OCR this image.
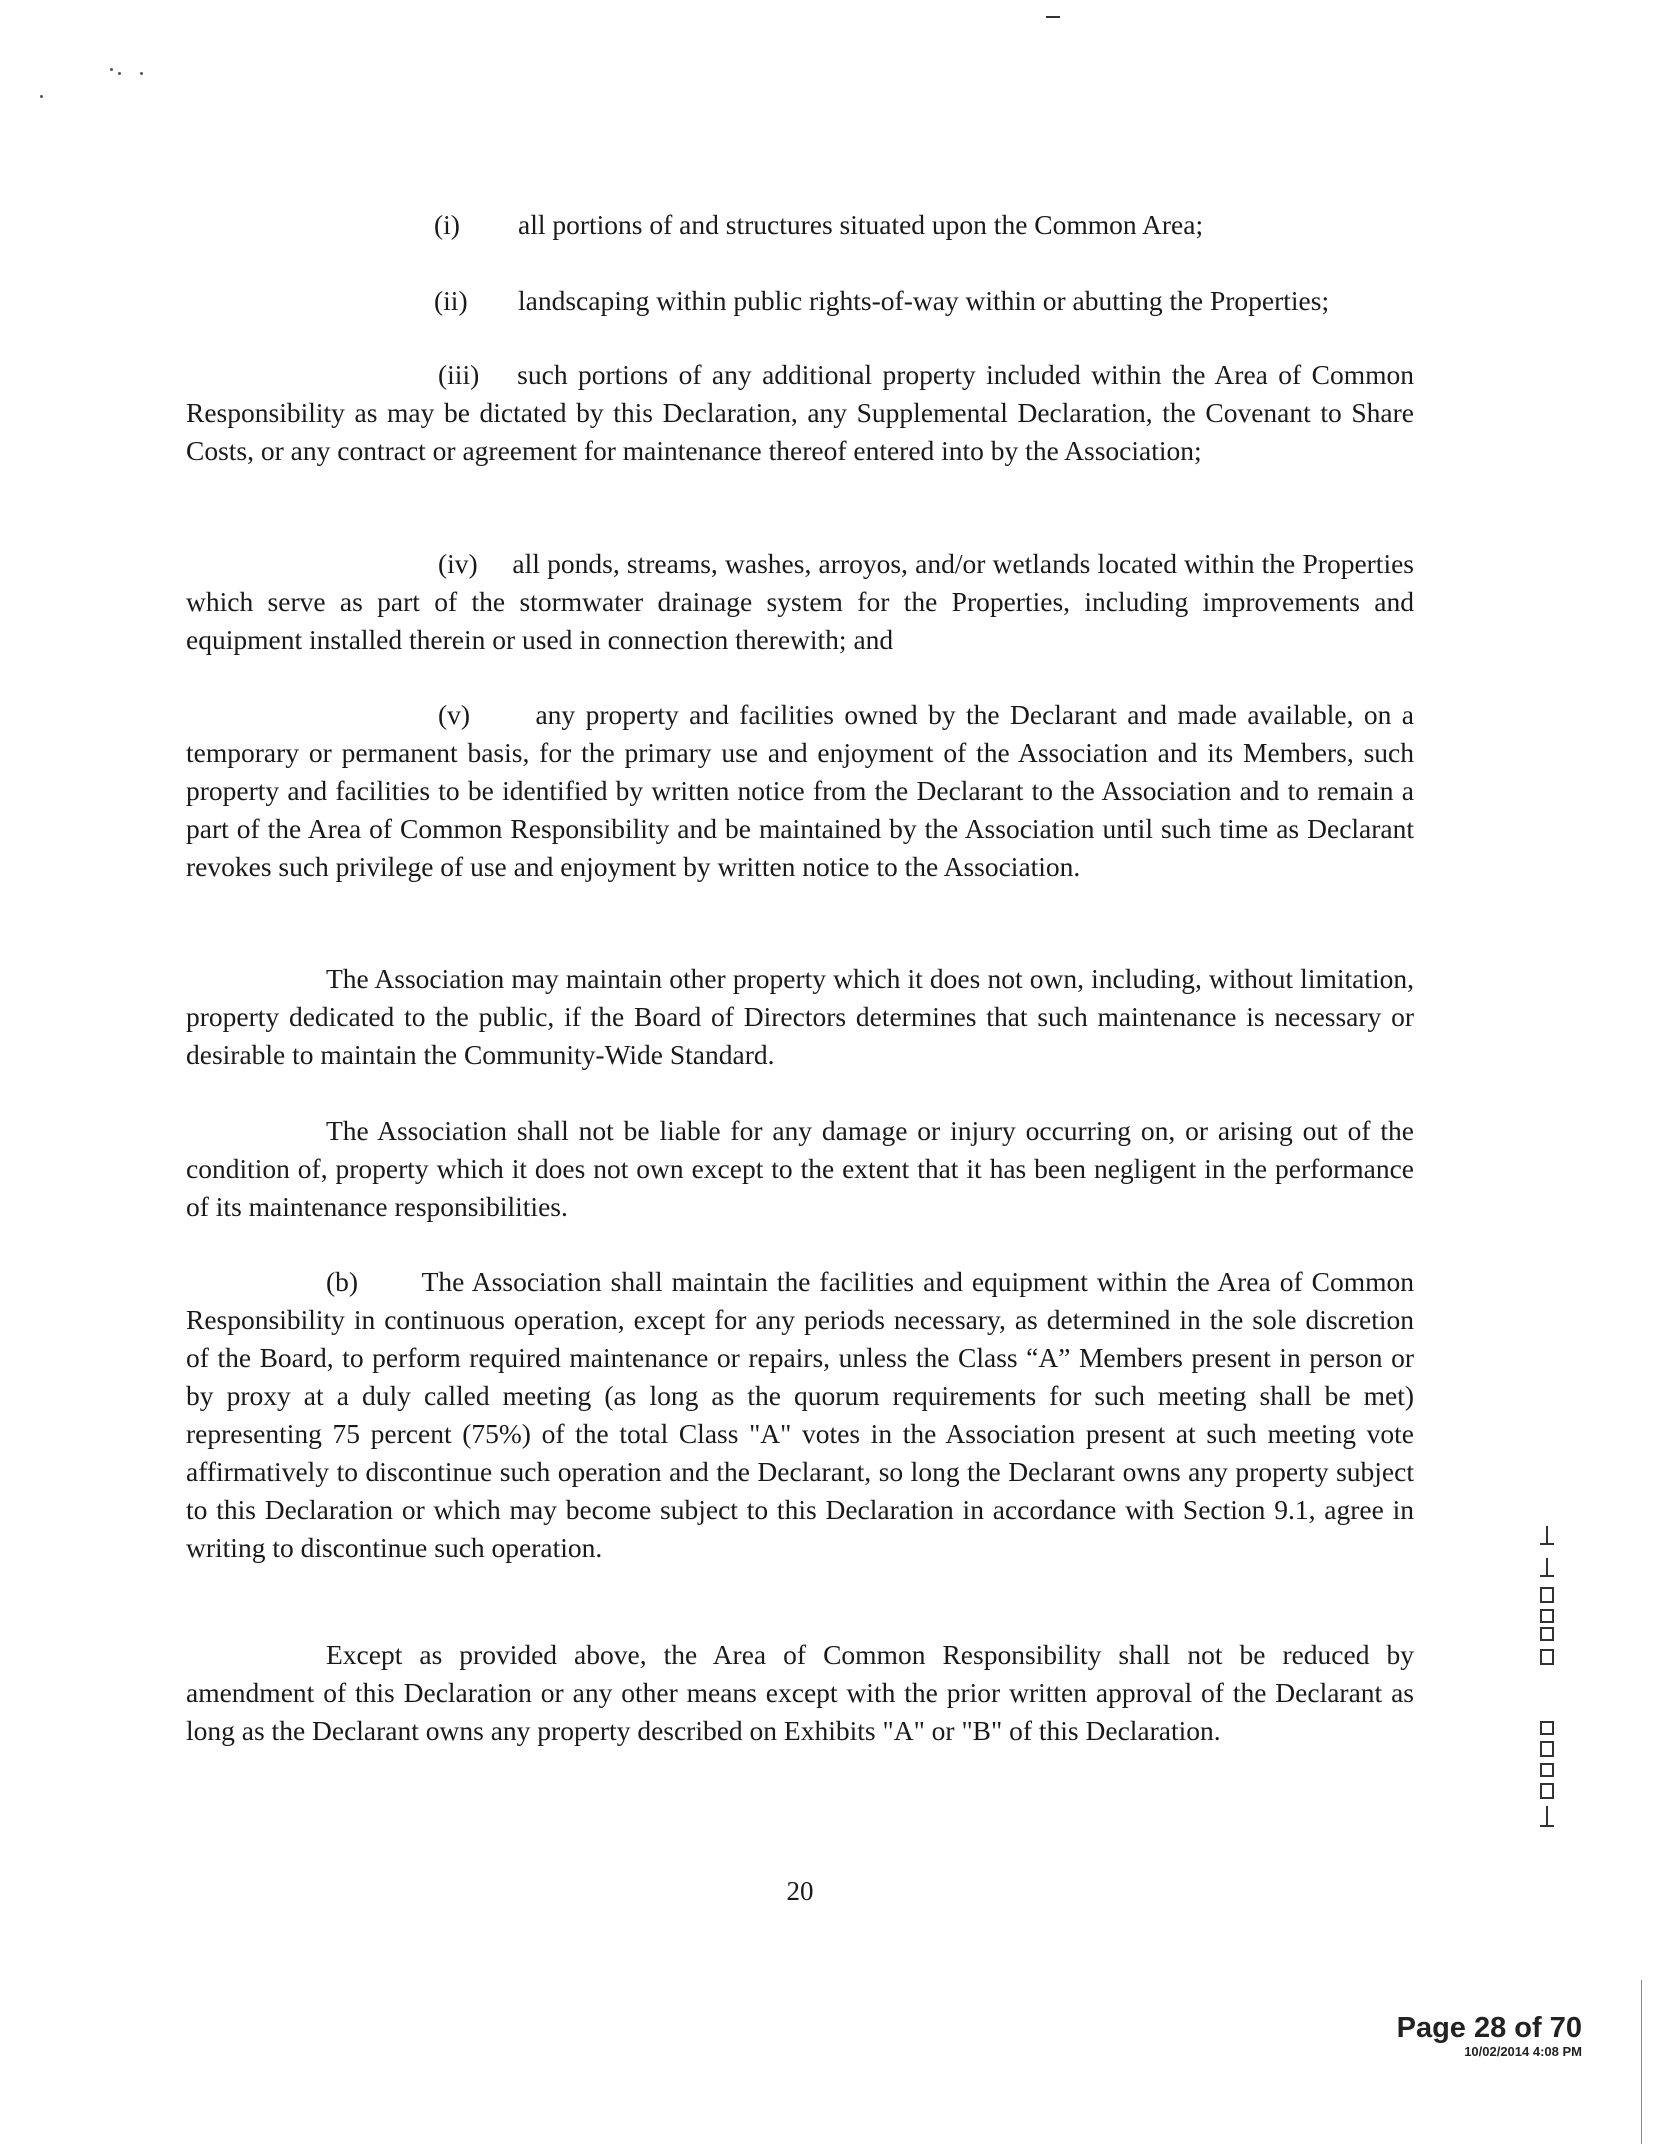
(i) all portions of and structures situated upon the Common Area;
(ii) landscaping within public rights-of-way within or abutting the Properties;

(iii)  such portions of any additional property included within the Area of Common Responsibility as may be dictated by this Declaration, any Supplemental Declaration, the Covenant to Share Costs, or any contract or agreement for maintenance thereof entered into by the Association;

(iv)  all ponds, streams, washes, arroyos, and/or wetlands located within the Properties which serve as part of the stormwater drainage system for the Properties, including improvements and equipment installed therein or used in connection therewith; and

(v)   any property and facilities owned by the Declarant and made available, on a temporary or permanent basis, for the primary use and enjoyment of the Association and its Members, such property and facilities to be identified by written notice from the Declarant to the Association and to remain a part of the Area of Common Responsibility and be maintained by the Association until such time as Declarant revokes such privilege of use and enjoyment by written notice to the Association.

The Association may maintain other property which it does not own, including, without limitation, property dedicated to the public, if the Board of Directors determines that such maintenance is necessary or desirable to maintain the Community-Wide Standard.

The Association shall not be liable for any damage or injury occurring on, or arising out of the condition of, property which it does not own except to the extent that it has been negligent in the performance of its maintenance responsibilities.

(b)   The Association shall maintain the facilities and equipment within the Area of Common Responsibility in continuous operation, except for any periods necessary, as determined in the sole discretion of the Board, to perform required maintenance or repairs, unless the Class “A” Members present in person or by proxy at a duly called meeting (as long as the quorum requirements for such meeting shall be met) representing 75 percent (75%) of the total Class "A" votes in the Association present at such meeting vote affirmatively to discontinue such operation and the Declarant, so long the Declarant owns any property subject to this Declaration or which may become subject to this Declaration in accordance with Section 9.1, agree in writing to discontinue such operation.

Except as provided above, the Area of Common Responsibility shall not be reduced by amendment of this Declaration or any other means except with the prior written approval of the Declarant as long as the Declarant owns any property described on Exhibits "A" or "B" of this Declaration.

20
Page 28 of 70
10/02/2014 4:08 PM
